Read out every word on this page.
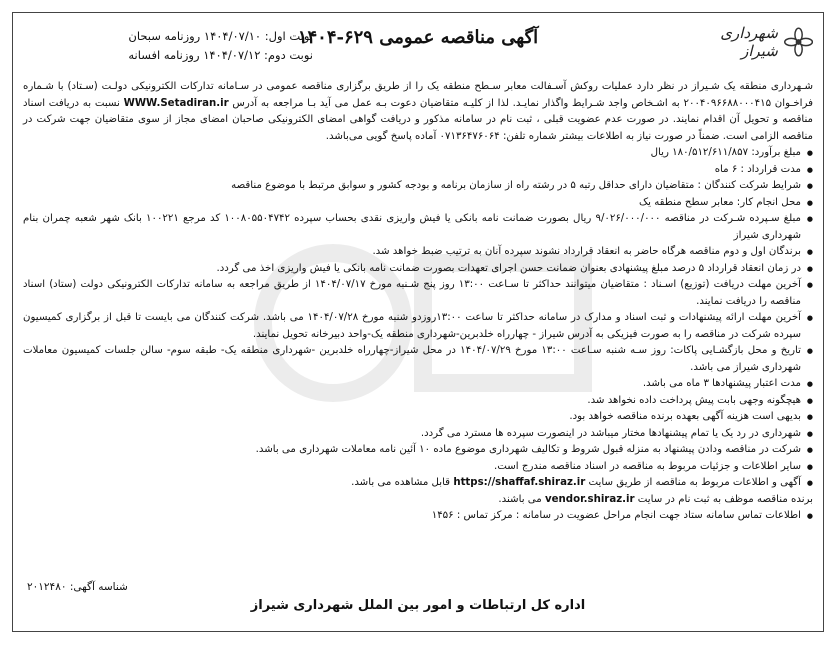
شهرداری شیراز
آگهی مناقصه عمومی ۶۲۹-۱۴۰۴
نوبت اول: ۱۴۰۴/۰۷/۱۰ روزنامه سبحان
نوبت دوم: ۱۴۰۴/۰۷/۱۲ روزنامه افسانه

شـهرداری منطقه یک شـیراز در نظر دارد عملیات روکش آسـفالت معابر سـطح منطقه یک را از طریق برگزاری مناقصه عمومی در سـامانه تدارکات الکترونیکی دولـت (سـتاد) با شـماره فراخـوان ۲۰۰۴۰۹۶۶۸۸۰۰۰۴۱۵ به اشـخاص واجد شـرایط واگذار نمایـد. لذا از کلیـه متقاضیان دعوت بـه عمل می آید بـا مراجعه به آدرس WWW.Setadiran.ir نسبت به دریافت اسناد مناقصه و تحویل آن اقدام نمایند. در صورت عدم عضویت قبلی ، ثبت نام در سامانه مذکور و دریافت گواهی امضای الکترونیکی صاحبان امضای مجاز از سوی متقاضیان جهت شرکت در مناقصه الزامی است. ضمناً در صورت نیاز به اطلاعات بیشتر شماره تلفن: ۰۷۱۳۶۴۷۶۰۶۴ آماده پاسخ گویی می‌باشد.

● مبلغ برآورد: ۱۸۰/۵۱۲/۶۱۱/۸۵۷ ریال

● مدت قرارداد : ۶ ماه

● شرایط شرکت کنندگان : متقاضیان دارای حداقل رتبه ۵ در رشته راه از سازمان برنامه و بودجه کشور و سوابق مرتبط با موضوع مناقصه

● محل انجام کار: معابر سطح منطقه یک

● مبلغ سـپرده شـرکت در مناقصه ۹/۰۲۶/۰۰۰/۰۰۰ ریال بصورت ضمانت نامه بانکی یا فیش واریزی نقدی بحساب سپرده ۱۰۰۸۰۵۵۰۴۷۴۲ کد مرجع ۱۰۰۲۲۱ بانک شهر شعبه چمران بنام شهرداری شیراز

● برندگان اول و دوم مناقصه هرگاه حاضر به انعقاد قرارداد نشوند سپرده آنان به ترتیب ضبط خواهد شد.

● در زمان انعقاد قرارداد ۵ درصد مبلغ پیشنهادی بعنوان ضمانت حسن اجرای تعهدات بصورت ضمانت نامه بانکی یا فیش واریزی اخذ می گردد.

● آخرین مهلت دریافت (توزیع) اسـناد : متقاضیان میتوانند حداکثر تا سـاعت ۱۳:۰۰ روز پنج شـنبه مورخ ۱۴۰۴/۰۷/۱۷ از طریق مراجعه به سامانه تدارکات الکترونیکی دولت (ستاد) اسناد مناقصه را دریافت نمایند.

● آخرین مهلت ارائه پیشنهادات و ثبت اسناد و مدارک در سامانه حداکثر تا ساعت ۱۳:۰۰روزدو شنبه مورخ ۱۴۰۴/۰۷/۲۸ می باشد. شرکت کنندگان می بایست تا قبل از برگزاری کمیسیون سپرده شرکت در مناقصه را به صورت فیزیکی به آدرس شیراز - چهارراه خلدبرین-شهرداری منطقه یک-واحد دبیرخانه تحویل نمایند.

● تاریخ و محل بازگشـایی پاکات: روز سـه شنبه سـاعت ۱۳:۰۰ مورخ ۱۴۰۴/۰۷/۲۹ در محل شیراز-چهارراه خلدبرین -شهرداری منطقه یک- طبقه سوم- سالن جلسات کمیسیون معاملات شهرداری شیراز می باشد.

● مدت اعتبار پیشنهادها ۳ ماه می باشد.

● هیچگونه وجهی بابت پیش پرداخت داده نخواهد شد.

● بدیهی است هزینه آگهی بعهده برنده مناقصه خواهد بود.

● شهرداری در رد یک یا تمام پیشنهادها مختار میباشد در اینصورت سپرده ها مسترد می گردد.

● شرکت در مناقصه ودادن پیشنهاد به منزله قبول شروط و تکالیف شهرداری موضوع ماده ۱۰ آئین نامه معاملات شهرداری می باشد.

● سایر اطلاعات و جزئیات مربوط به مناقصه در اسناد مناقصه مندرج است.

● آگهی و اطلاعات مربوط به مناقصه از طریق سایت https://shaffaf.shiraz.ir قابل مشاهده می باشد.

برنده مناقصه موظف به ثبت نام در سایت vendor.shiraz.ir می باشند.

● اطلاعات تماس سامانه ستاد جهت انجام مراحل عضویت در سامانه : مرکز تماس : ۱۴۵۶

شناسه آگهی: ۲۰۱۲۴۸۰
اداره کل ارتباطات و امور بین الملل شهرداری شیراز
